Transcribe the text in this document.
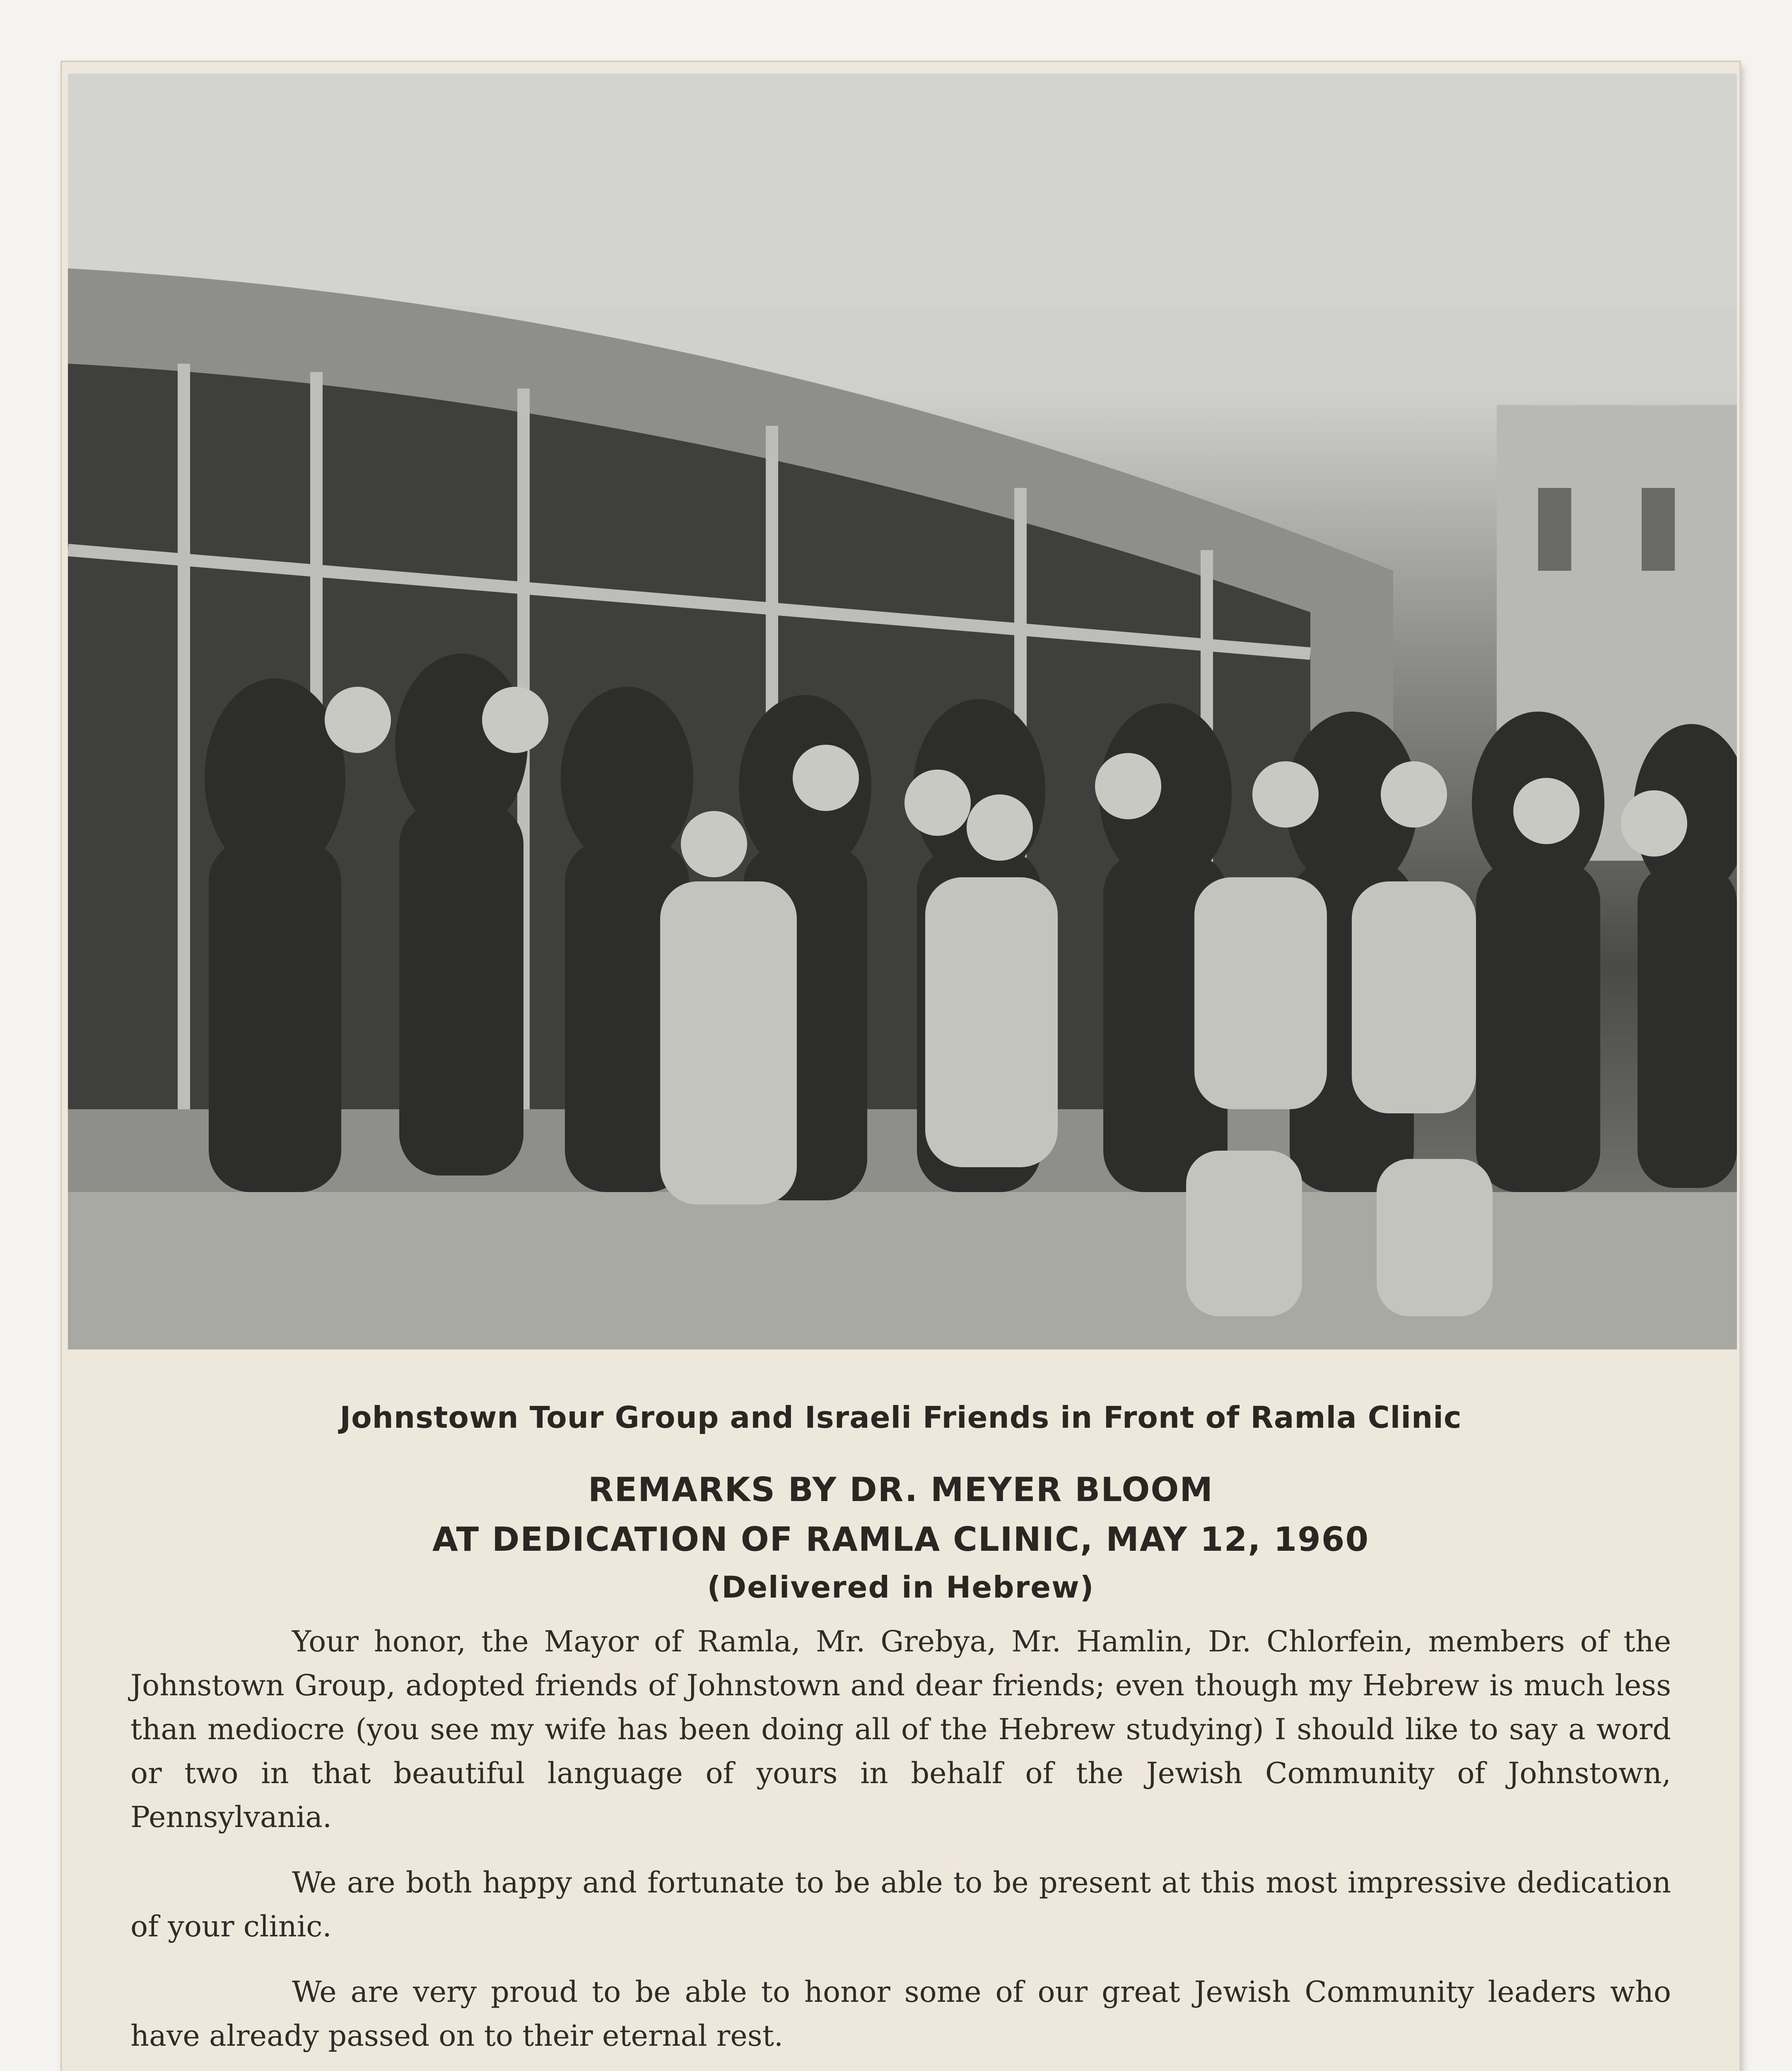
Johnstown Tour Group and Israeli Friends in Front of Ramla Clinic
REMARKS BY DR. MEYER BLOOM
AT DEDICATION OF RAMLA CLINIC, MAY 12, 1960
(Delivered in Hebrew)

Your honor, the Mayor of Ramla, Mr. Grebya, Mr. Hamlin, Dr. Chlorfein, members of the Johnstown Group, adopted friends of Johnstown and dear friends; even though my Hebrew is much less than mediocre (you see my wife has been doing all of the Hebrew studying) I should like to say a word or two in that beautiful language of yours in behalf of the Jewish Community of Johnstown, Pennsylvania.

We are both happy and fortunate to be able to be present at this most impressive dedication of your clinic.

We are very proud to be able to honor some of our great Jewish Community leaders who have already passed on to their eternal rest.
